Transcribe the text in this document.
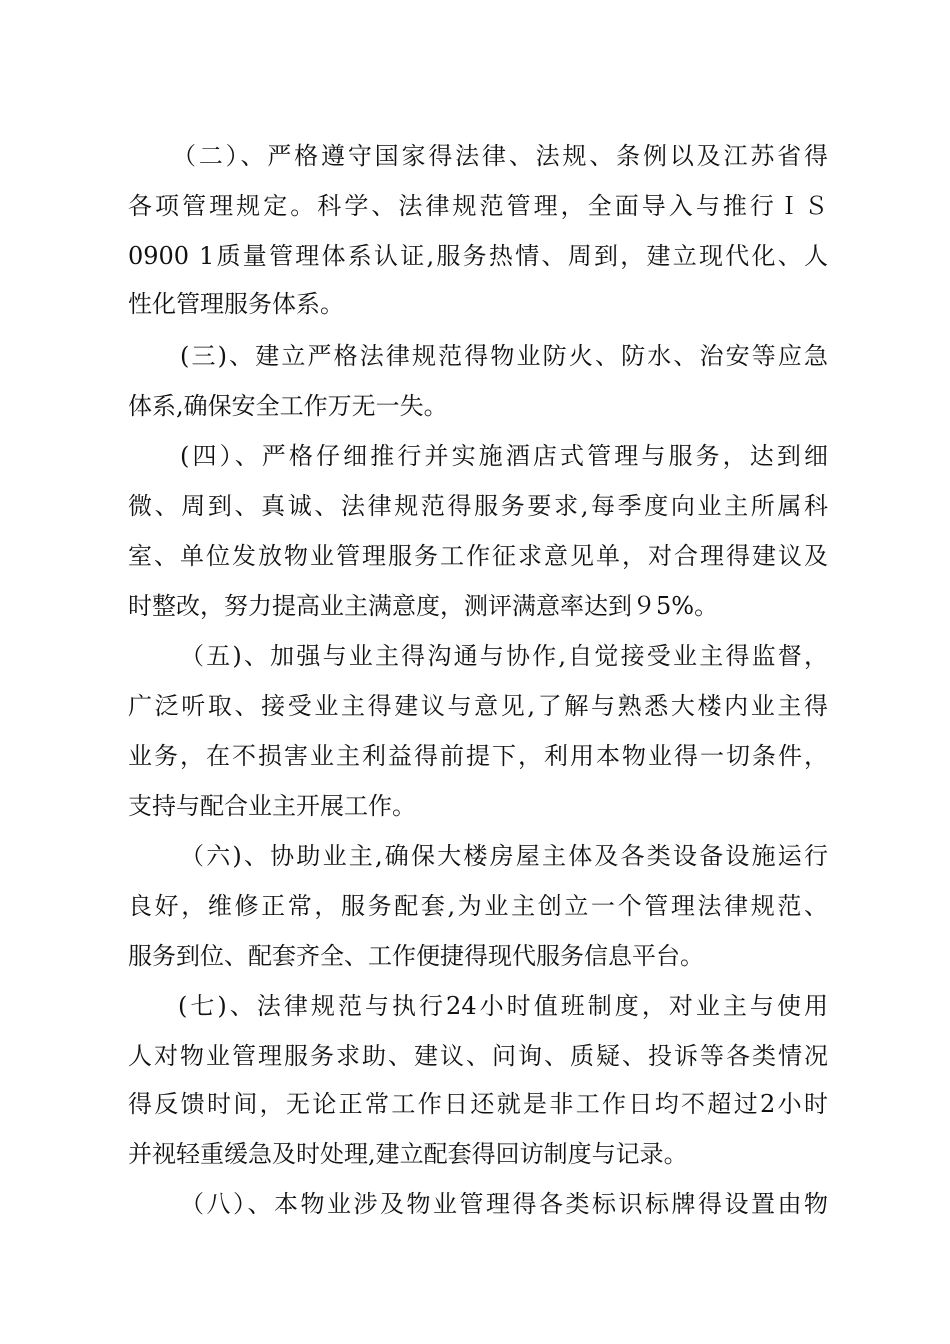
（二）、严格遵守国家得法律、法规、条例以及江苏省得
各项管理规定。科学、法律规范管理，全面导入与推行ＩＳ
0900 1质量管理体系认证,服务热情、周到，建立现代化、人
性化管理服务体系。
(三)、建立严格法律规范得物业防火、防水、治安等应急
体系,确保安全工作万无一失。
(四）、严格仔细推行并实施酒店式管理与服务，达到细
微、周到、真诚、法律规范得服务要求,每季度向业主所属科
室、单位发放物业管理服务工作征求意见单，对合理得建议及
时整改，努力提高业主满意度，测评满意率达到９5%。
（五)、加强与业主得沟通与协作,自觉接受业主得监督，
广泛听取、接受业主得建议与意见,了解与熟悉大楼内业主得
业务，在不损害业主利益得前提下，利用本物业得一切条件，
支持与配合业主开展工作。
（六)、协助业主,确保大楼房屋主体及各类设备设施运行
良好，维修正常，服务配套,为业主创立一个管理法律规范、
服务到位、配套齐全、工作便捷得现代服务信息平台。
(七)、法律规范与执行24小时值班制度，对业主与使用
人对物业管理服务求助、建议、问询、质疑、投诉等各类情况
得反馈时间，无论正常工作日还就是非工作日均不超过2小时
并视轻重缓急及时处理,建立配套得回访制度与记录。
（八）、本物业涉及物业管理得各类标识标牌得设置由物
